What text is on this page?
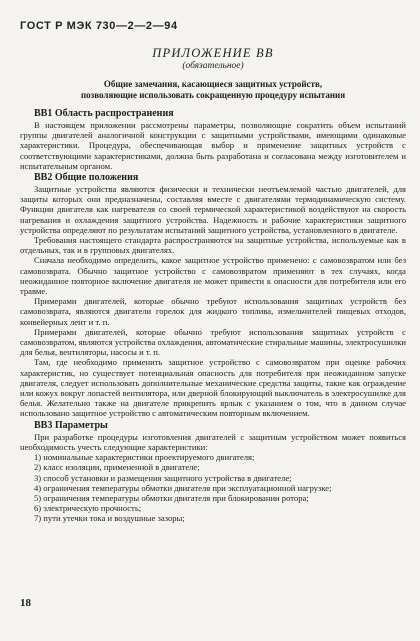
ГОСТ Р МЭК 730—2—2—94
ПРИЛОЖЕНИЕ ВВ
(обязательное)
Общие замечания, касающиеся защитных устройств,
позволяющие использовать сокращенную процедуру испытания
ВВ1 Область распространения

В настоящем приложении рассмотрены параметры, позволяющие сократить объем испытаний группы двигателей аналогичной конструкции с защитными устройствами, имеющими одинаковые характеристики. Процедура, обеспечивающая выбор и применение защитных устройств с соответствующими характеристиками, должна быть разработана и согласована между изготовителем и испытательным органом.

ВВ2 Общие положения

Защитные устройства являются физически и технически неотъемлемой частью двигателей, для защиты которых они предназначены, составляя вместе с двигателями термодинамическую систему. Функции двигателя как нагревателя со своей термической характеристикой воздействуют на скорость нагревания и охлаждения защитного устройства. Надежность и рабочие характеристики защитного устройства определяют по результатам испытаний защитного устройства, установленного в двигателе.

Требования настоящего стандарта распространяются на защитные устройства, используемые как в отдельных, так и в групповых двигателях.

Сначала необходимо определить, какое защитное устройство применено: с самовозвратом или без самовозврата. Обычно защитное устройство с самовозвратом применяют в тех случаях, когда неожиданное повторное включение двигателя не может привести к опасности для потребителя или его травме.

Примерами двигателей, которые обычно требуют использования защитных устройств без самовозврата, являются двигатели горелок для жидкого топлива, измельчителей пищевых отходов, конвейерных лент и т. п.

Примерами двигателей, которые обычно требуют использования защитных устройств с самовозвратом, являются устройства охлаждения, автоматические стиральные машины, электросушилки для белья, вентиляторы, насосы и т. п.

Там, где необходимо применить защитное устройство с самовозвратом при оценке рабочих характеристик, но существует потенциальная опасность для потребителя при неожиданном запуске двигателя, следует использовать дополнительные механические средства защиты, такие как ограждение или кожух вокруг лопастей вентилятора, или дверной блокирующий выключатель в электросушилке для белья. Желательно также на двигателе прикрепить ярлык с указанием о том, что в данном случае использовано защитное устройство с автоматическим повторным включением.

ВВ3 Параметры

При разработке процедуры изготовления двигателей с защитным устройством может появиться необходимость учесть следующие характеристики:

1) номинальные характеристики проектируемого двигателя;
2) класс изоляции, примененной в двигателе;
3) способ установки и размещения защитного устройства в двигателе;
4) ограничения температуры обмотки двигателя при эксплуатационной нагрузке;
5) ограничения температуры обмотки двигателя при блокировании ротора;
6) электрическую прочность;
7) пути утечки тока и воздушные зазоры;
18
